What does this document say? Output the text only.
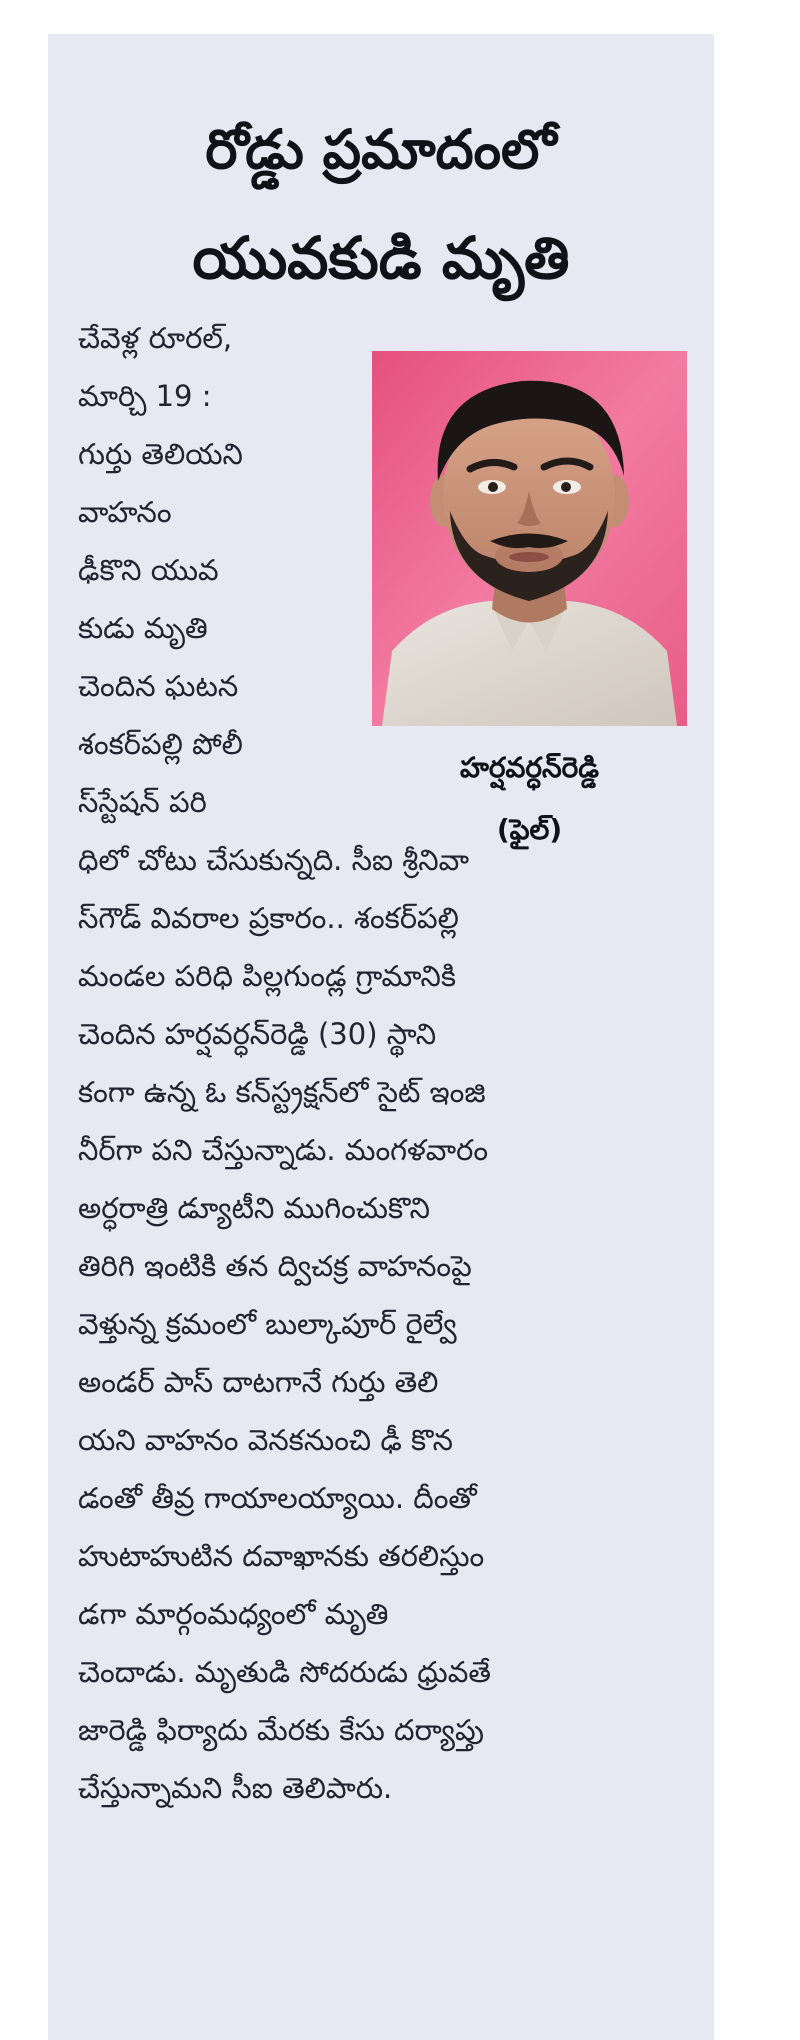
రోడ్డు ప్రమాదంలో
యువకుడి మృతి
చేవెళ్ల రూరల్,
మార్చి 19 :
గుర్తు తెలియని
వాహనం
ఢీకొని యువ
కుడు మృతి
చెందిన ఘటన
శంకర్‌పల్లి పోలీ
స్‌స్టేషన్ పరి
హర్షవర్ధన్‌రెడ్డి
(ఫైల్)
ధిలో చోటు చేసుకున్నది. సీఐ శ్రీనివా
స్‌గౌడ్ వివరాల ప్రకారం.. శంకర్‌పల్లి
మండల పరిధి పిల్లగుండ్ల గ్రామానికి
చెందిన హర్షవర్ధన్‌రెడ్డి (30) స్థాని
కంగా ఉన్న ఓ కన్‌స్ట్రక్షన్‌లో సైట్ ఇంజి
నీర్‌గా పని చేస్తున్నాడు. మంగళవారం
అర్ధరాత్రి డ్యూటీని ముగించుకొని
తిరిగి ఇంటికి తన ద్విచక్ర వాహనంపై
వెళ్తున్న క్రమంలో బుల్కాపూర్ రైల్వే
అండర్ పాస్ దాటగానే గుర్తు తెలి
యని వాహనం వెనకనుంచి ఢీ కొన
డంతో తీవ్ర గాయాలయ్యాయి. దీంతో
హుటాహుటిన దవాఖానకు తరలిస్తుం
డగా మార్గంమధ్యంలో మృతి
చెందాడు. మృతుడి సోదరుడు ధ్రువతే
జారెడ్డి ఫిర్యాదు మేరకు కేసు దర్యాప్తు
చేస్తున్నామని సీఐ తెలిపారు.
